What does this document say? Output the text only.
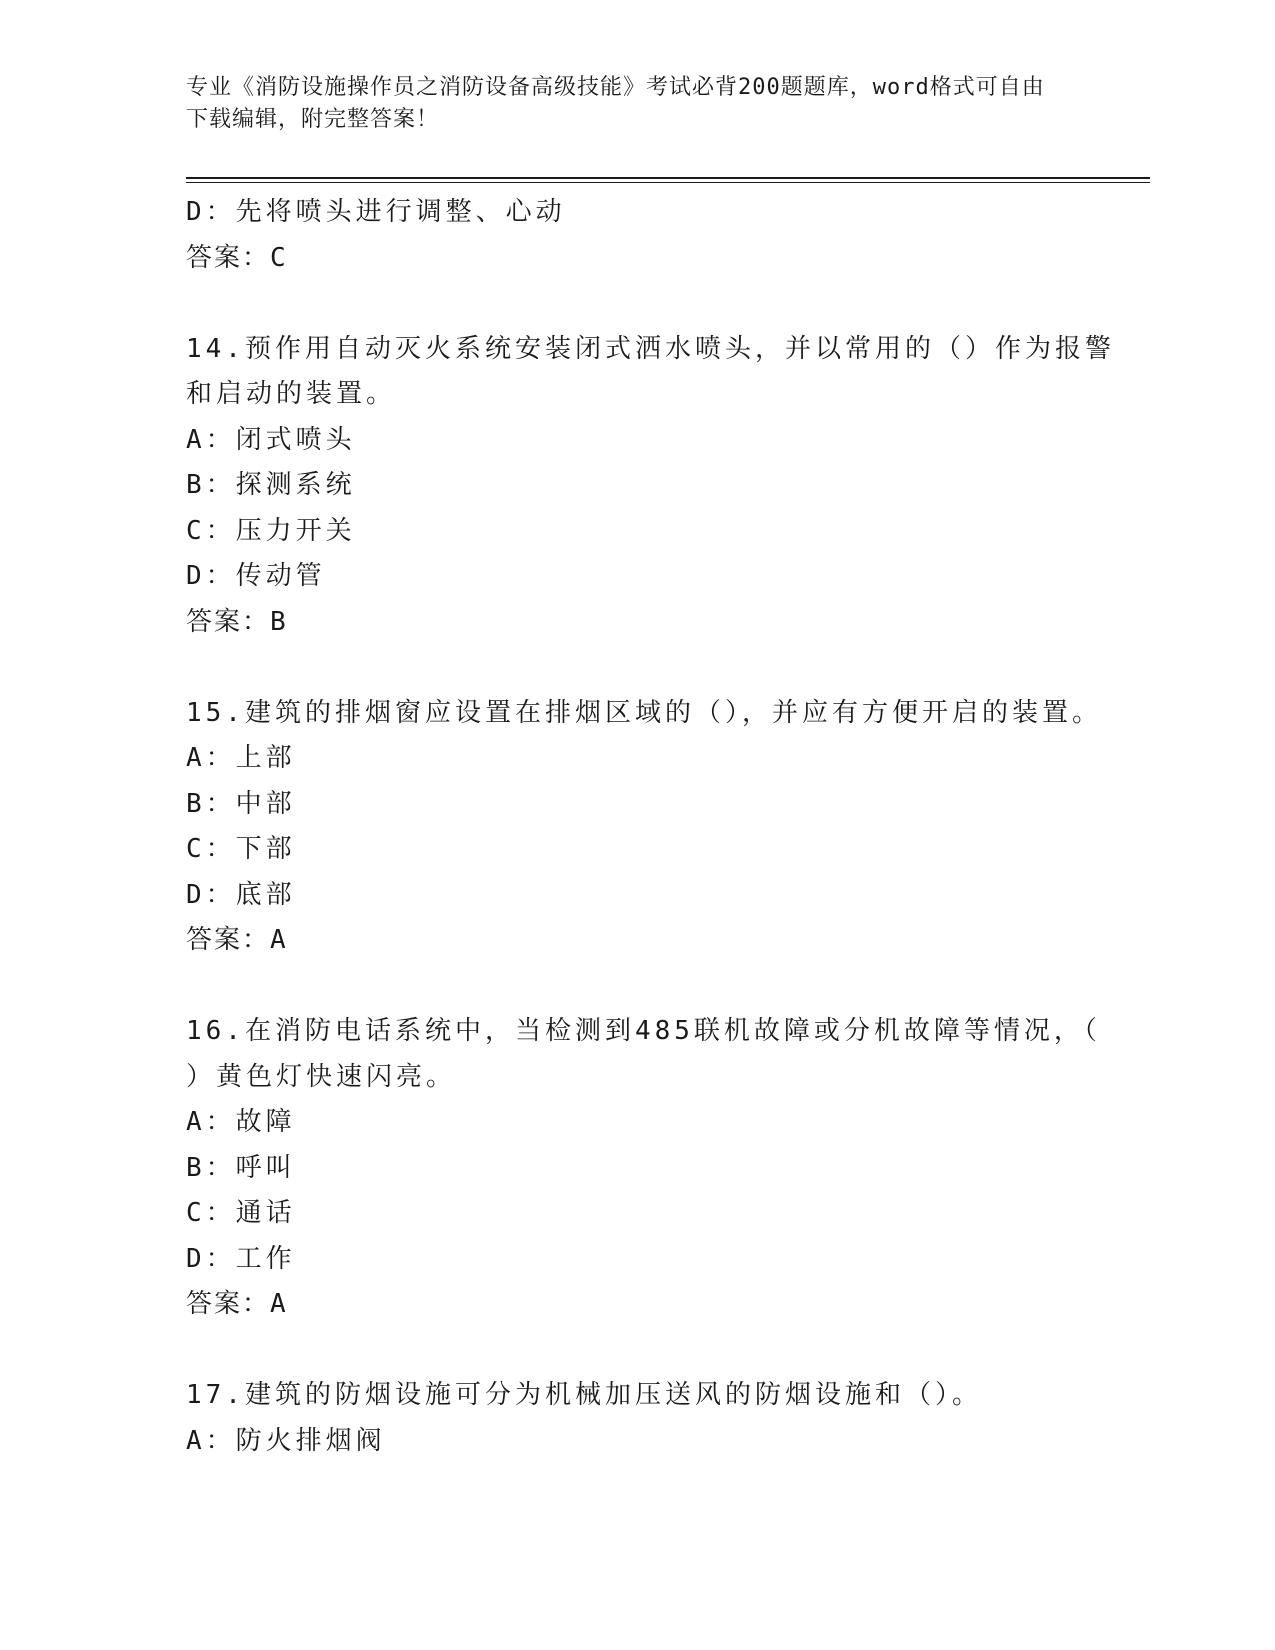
专业《消防设施操作员之消防设备高级技能》考试必背200题题库，word格式可自由下载编辑，附完整答案！
D：先将喷头进行调整、心动
答案：C
14.预作用自动灭火系统安装闭式洒水喷头，并以常用的（）作为报警
和启动的装置。
A：闭式喷头
B：探测系统
C：压力开关
D：传动管
答案：B
15.建筑的排烟窗应设置在排烟区域的（），并应有方便开启的装置。
A：上部
B：中部
C：下部
D：底部
答案：A
16.在消防电话系统中，当检测到485联机故障或分机故障等情况，（
）黄色灯快速闪亮。
A：故障
B：呼叫
C：通话
D：工作
答案：A
17.建筑的防烟设施可分为机械加压送风的防烟设施和（）。
A：防火排烟阀
